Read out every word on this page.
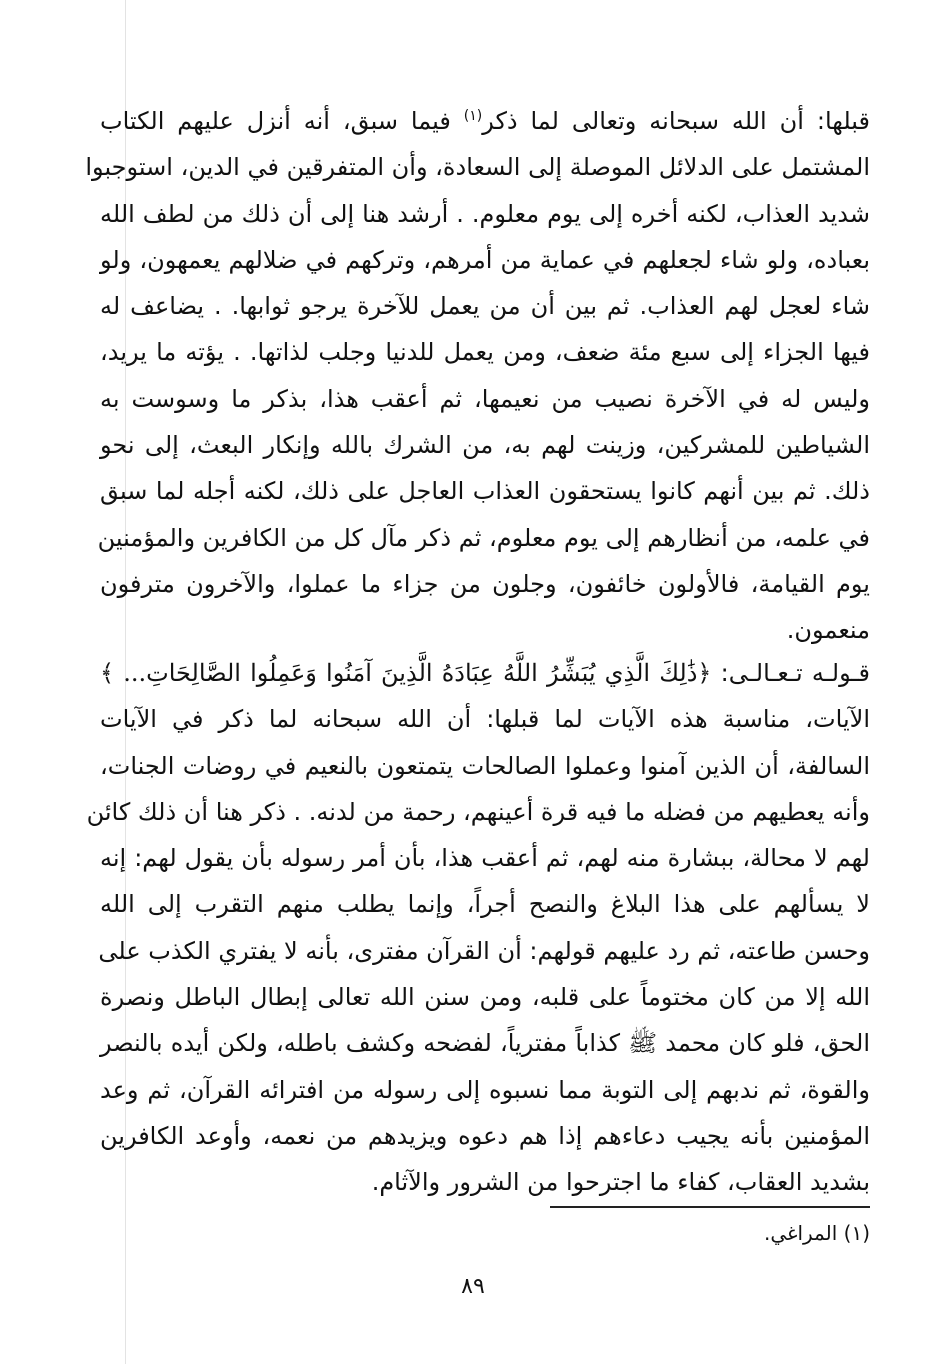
قبلها: أن الله سبحانه وتعالى لما ذكر$^{(١)}$ فيما سبق، أنه أنزل عليهم الكتاب
المشتمل على الدلائل الموصلة إلى السعادة، وأن المتفرقين في الدين، استوجبوا
شديد العذاب، لكنه أخره إلى يوم معلوم. . أرشد هنا إلى أن ذلك من لطف الله
بعباده، ولو شاء لجعلهم في عماية من أمرهم، وتركهم في ضلالهم يعمهون، ولو
شاء لعجل لهم العذاب. ثم بين أن من يعمل للآخرة يرجو ثوابها. . يضاعف له
فيها الجزاء إلى سبع مئة ضعف، ومن يعمل للدنيا وجلب لذاتها. . يؤته ما يريد،
وليس له في الآخرة نصيب من نعيمها، ثم أعقب هذا، بذكر ما وسوست به
الشياطين للمشركين، وزينت لهم به، من الشرك بالله وإنكار البعث، إلى نحو
ذلك. ثم بين أنهم كانوا يستحقون العذاب العاجل على ذلك، لكنه أجله لما سبق
في علمه، من أنظارهم إلى يوم معلوم، ثم ذكر مآل كل من الكافرين والمؤمنين
يوم القيامة، فالأولون خائفون، وجلون من جزاء ما عملوا، والآخرون مترفون
منعمون.
قـولـه تـعـالـى: ﴿ذَٰلِكَ الَّذِي يُبَشِّرُ اللَّهُ عِبَادَهُ الَّذِينَ آمَنُوا وَعَمِلُوا الصَّالِحَاتِ... ﴾
الآيات، مناسبة هذه الآيات لما قبلها: أن الله سبحانه لما ذكر في الآيات
السالفة، أن الذين آمنوا وعملوا الصالحات يتمتعون بالنعيم في روضات الجنات،
وأنه يعطيهم من فضله ما فيه قرة أعينهم، رحمة من لدنه. . ذكر هنا أن ذلك كائن
لهم لا محالة، ببشارة منه لهم، ثم أعقب هذا، بأن أمر رسوله بأن يقول لهم: إنه
لا يسألهم على هذا البلاغ والنصح أجراً، وإنما يطلب منهم التقرب إلى الله
وحسن طاعته، ثم رد عليهم قولهم: أن القرآن مفترى، بأنه لا يفتري الكذب على
الله إلا من كان مختوماً على قلبه، ومن سنن الله تعالى إبطال الباطل ونصرة
الحق، فلو كان محمد ﷺ كذاباً مفترياً، لفضحه وكشف باطله، ولكن أيده بالنصر
والقوة، ثم ندبهم إلى التوبة مما نسبوه إلى رسوله من افترائه القرآن، ثم وعد
المؤمنين بأنه يجيب دعاءهم إذا هم دعوه ويزيدهم من نعمه، وأوعد الكافرين
بشديد العقاب، كفاء ما اجترحوا من الشرور والآثام.
(١) المراغي.
٨٩
